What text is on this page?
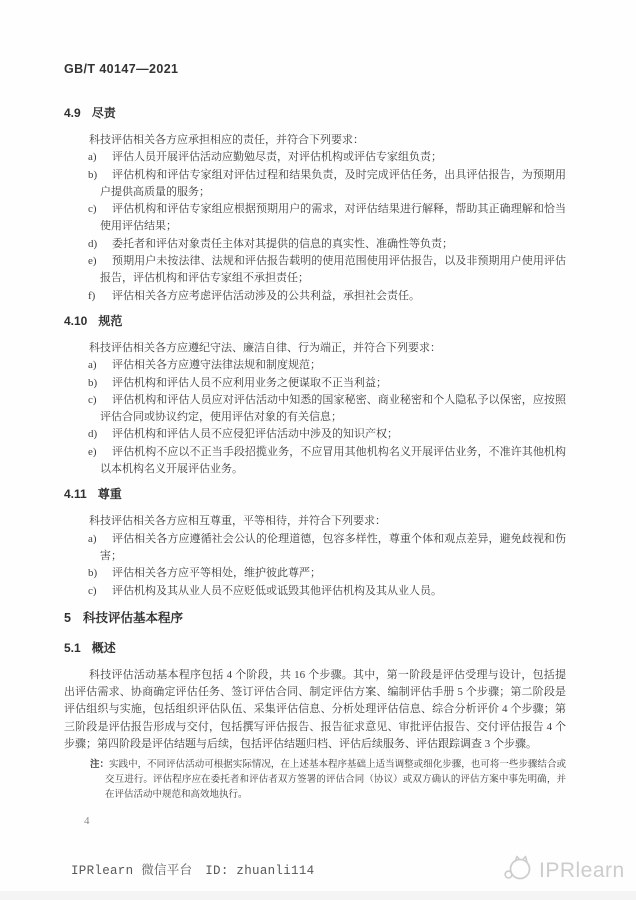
GB/T 40147—2021
4.9 尽责

科技评估相关各方应承担相应的责任，并符合下列要求：

a) 评估人员开展评估活动应勤勉尽责，对评估机构或评估专家组负责；
b) 评估机构和评估专家组对评估过程和结果负责，及时完成评估任务，出具评估报告，为预期用户提供高质量的服务；
c) 评估机构和评估专家组应根据预期用户的需求，对评估结果进行解释，帮助其正确理解和恰当使用评估结果；
d) 委托者和评估对象责任主体对其提供的信息的真实性、准确性等负责；
e) 预期用户未按法律、法规和评估报告载明的使用范围使用评估报告，以及非预期用户使用评估报告，评估机构和评估专家组不承担责任；
f) 评估相关各方应考虑评估活动涉及的公共利益，承担社会责任。
4.10 规范

科技评估相关各方应遵纪守法、廉洁自律、行为端正，并符合下列要求：

a) 评估相关各方应遵守法律法规和制度规范；
b) 评估机构和评估人员不应利用业务之便谋取不正当利益；
c) 评估机构和评估人员应对评估活动中知悉的国家秘密、商业秘密和个人隐私予以保密，应按照评估合同或协议约定，使用评估对象的有关信息；
d) 评估机构和评估人员不应侵犯评估活动中涉及的知识产权；
e) 评估机构不应以不正当手段招揽业务，不应冒用其他机构名义开展评估业务，不准许其他机构以本机构名义开展评估业务。
4.11 尊重

科技评估相关各方应相互尊重，平等相待，并符合下列要求：

a) 评估相关各方应遵循社会公认的伦理道德，包容多样性，尊重个体和观点差异，避免歧视和伤害；
b) 评估相关各方应平等相处，维护彼此尊严；
c) 评估机构及其从业人员不应贬低或诋毁其他评估机构及其从业人员。
5 科技评估基本程序
5.1 概述

科技评估活动基本程序包括 4 个阶段，共 16 个步骤。其中，第一阶段是评估受理与设计，包括提出评估需求、协商确定评估任务、签订评估合同、制定评估方案、编制评估手册 5 个步骤；第二阶段是评估组织与实施，包括组织评估队伍、采集评估信息、分析处理评估信息、综合分析评价 4 个步骤；第三阶段是评估报告形成与交付，包括撰写评估报告、报告征求意见、审批评估报告、交付评估报告 4 个步骤；第四阶段是评估结题与后续，包括评估结题归档、评估后续服务、评估跟踪调查 3 个步骤。

注：实践中，不同评估活动可根据实际情况，在上述基本程序基础上适当调整或细化步骤，也可将一些步骤结合或交互进行。评估程序应在委托者和评估者双方签署的评估合同（协议）或双方确认的评估方案中事先明确，并在评估活动中规范和高效地执行。

4
IPRlearn 微信平台　ID: zhuanli114	IPRlearn
